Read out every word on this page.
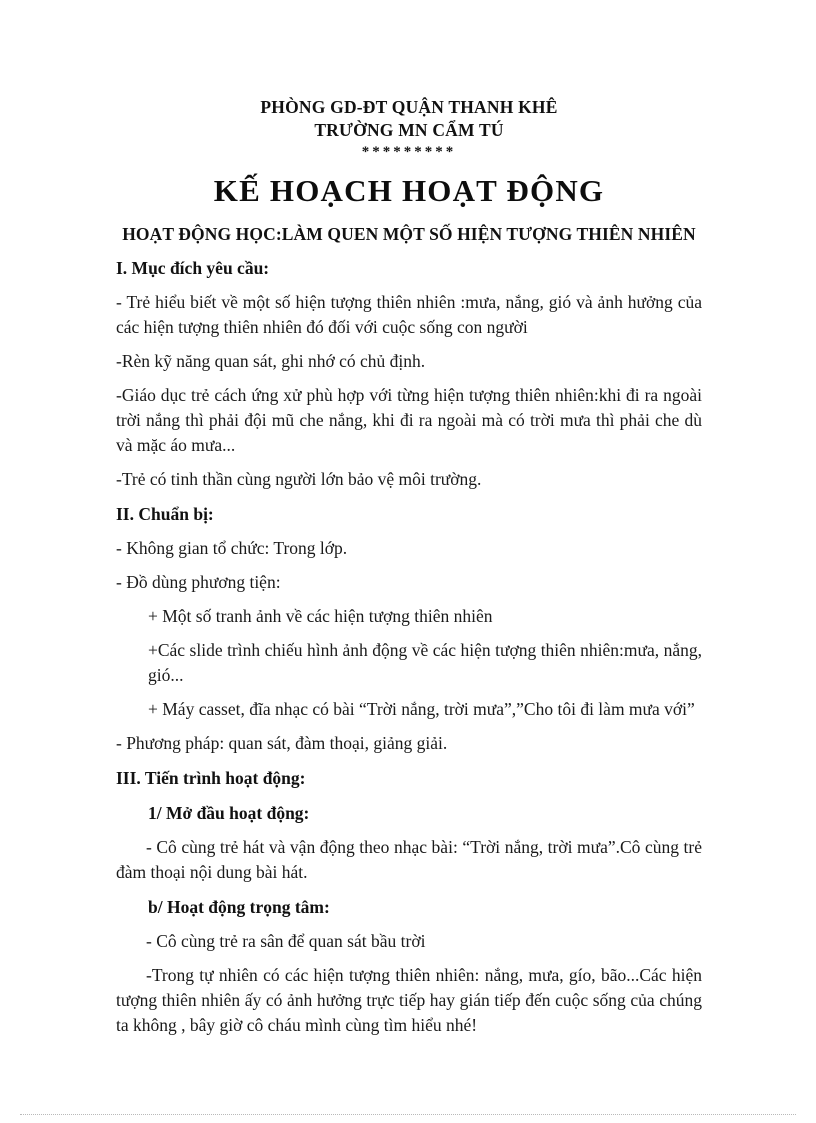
PHÒNG GD-ĐT QUẬN THANH KHÊ
TRƯỜNG MN CẨM TÚ
*********
KẾ HOẠCH HOẠT ĐỘNG
HOẠT ĐỘNG HỌC:LÀM QUEN MỘT SỐ HIỆN TƯỢNG THIÊN NHIÊN
I. Mục đích yêu cầu:

- Trẻ hiểu biết về một số hiện tượng thiên nhiên :mưa, nắng, gió và ảnh hưởng của các hiện tượng thiên nhiên đó đối với cuộc sống con người

-Rèn kỹ năng quan sát, ghi nhớ có chủ định.

-Giáo dục trẻ cách ứng xử phù hợp với từng hiện tượng thiên nhiên:khi đi ra ngoài trời nắng thì phải đội mũ che nắng, khi đi ra ngoài mà có trời mưa thì phải che dù và mặc áo mưa...

-Trẻ có tinh thần cùng người lớn bảo vệ môi trường.

II. Chuẩn bị:

- Không gian tổ chức: Trong lớp.

- Đồ dùng phương tiện:

+ Một số tranh ảnh về các hiện tượng thiên nhiên

+Các slide trình chiếu hình ảnh động về các hiện tượng thiên nhiên:mưa, nắng, gió...

+ Máy casset, đĩa nhạc có bài “Trời nắng, trời mưa”,”Cho tôi đi làm mưa với”

- Phương pháp: quan sát, đàm thoại, giảng giải.

III. Tiến trình hoạt động:
1/ Mở đầu hoạt động:

- Cô cùng trẻ hát và vận động theo nhạc bài: “Trời nắng, trời mưa”.Cô cùng trẻ đàm thoại nội dung bài hát.

b/ Hoạt động trọng tâm:

- Cô cùng trẻ ra sân để quan sát bầu trời

-Trong tự nhiên có các hiện tượng thiên nhiên: nắng, mưa, gío, bão...Các hiện tượng thiên nhiên ấy có ảnh hưởng trực tiếp hay gián tiếp đến cuộc sống của chúng ta không , bây giờ cô cháu mình cùng tìm hiểu nhé!
